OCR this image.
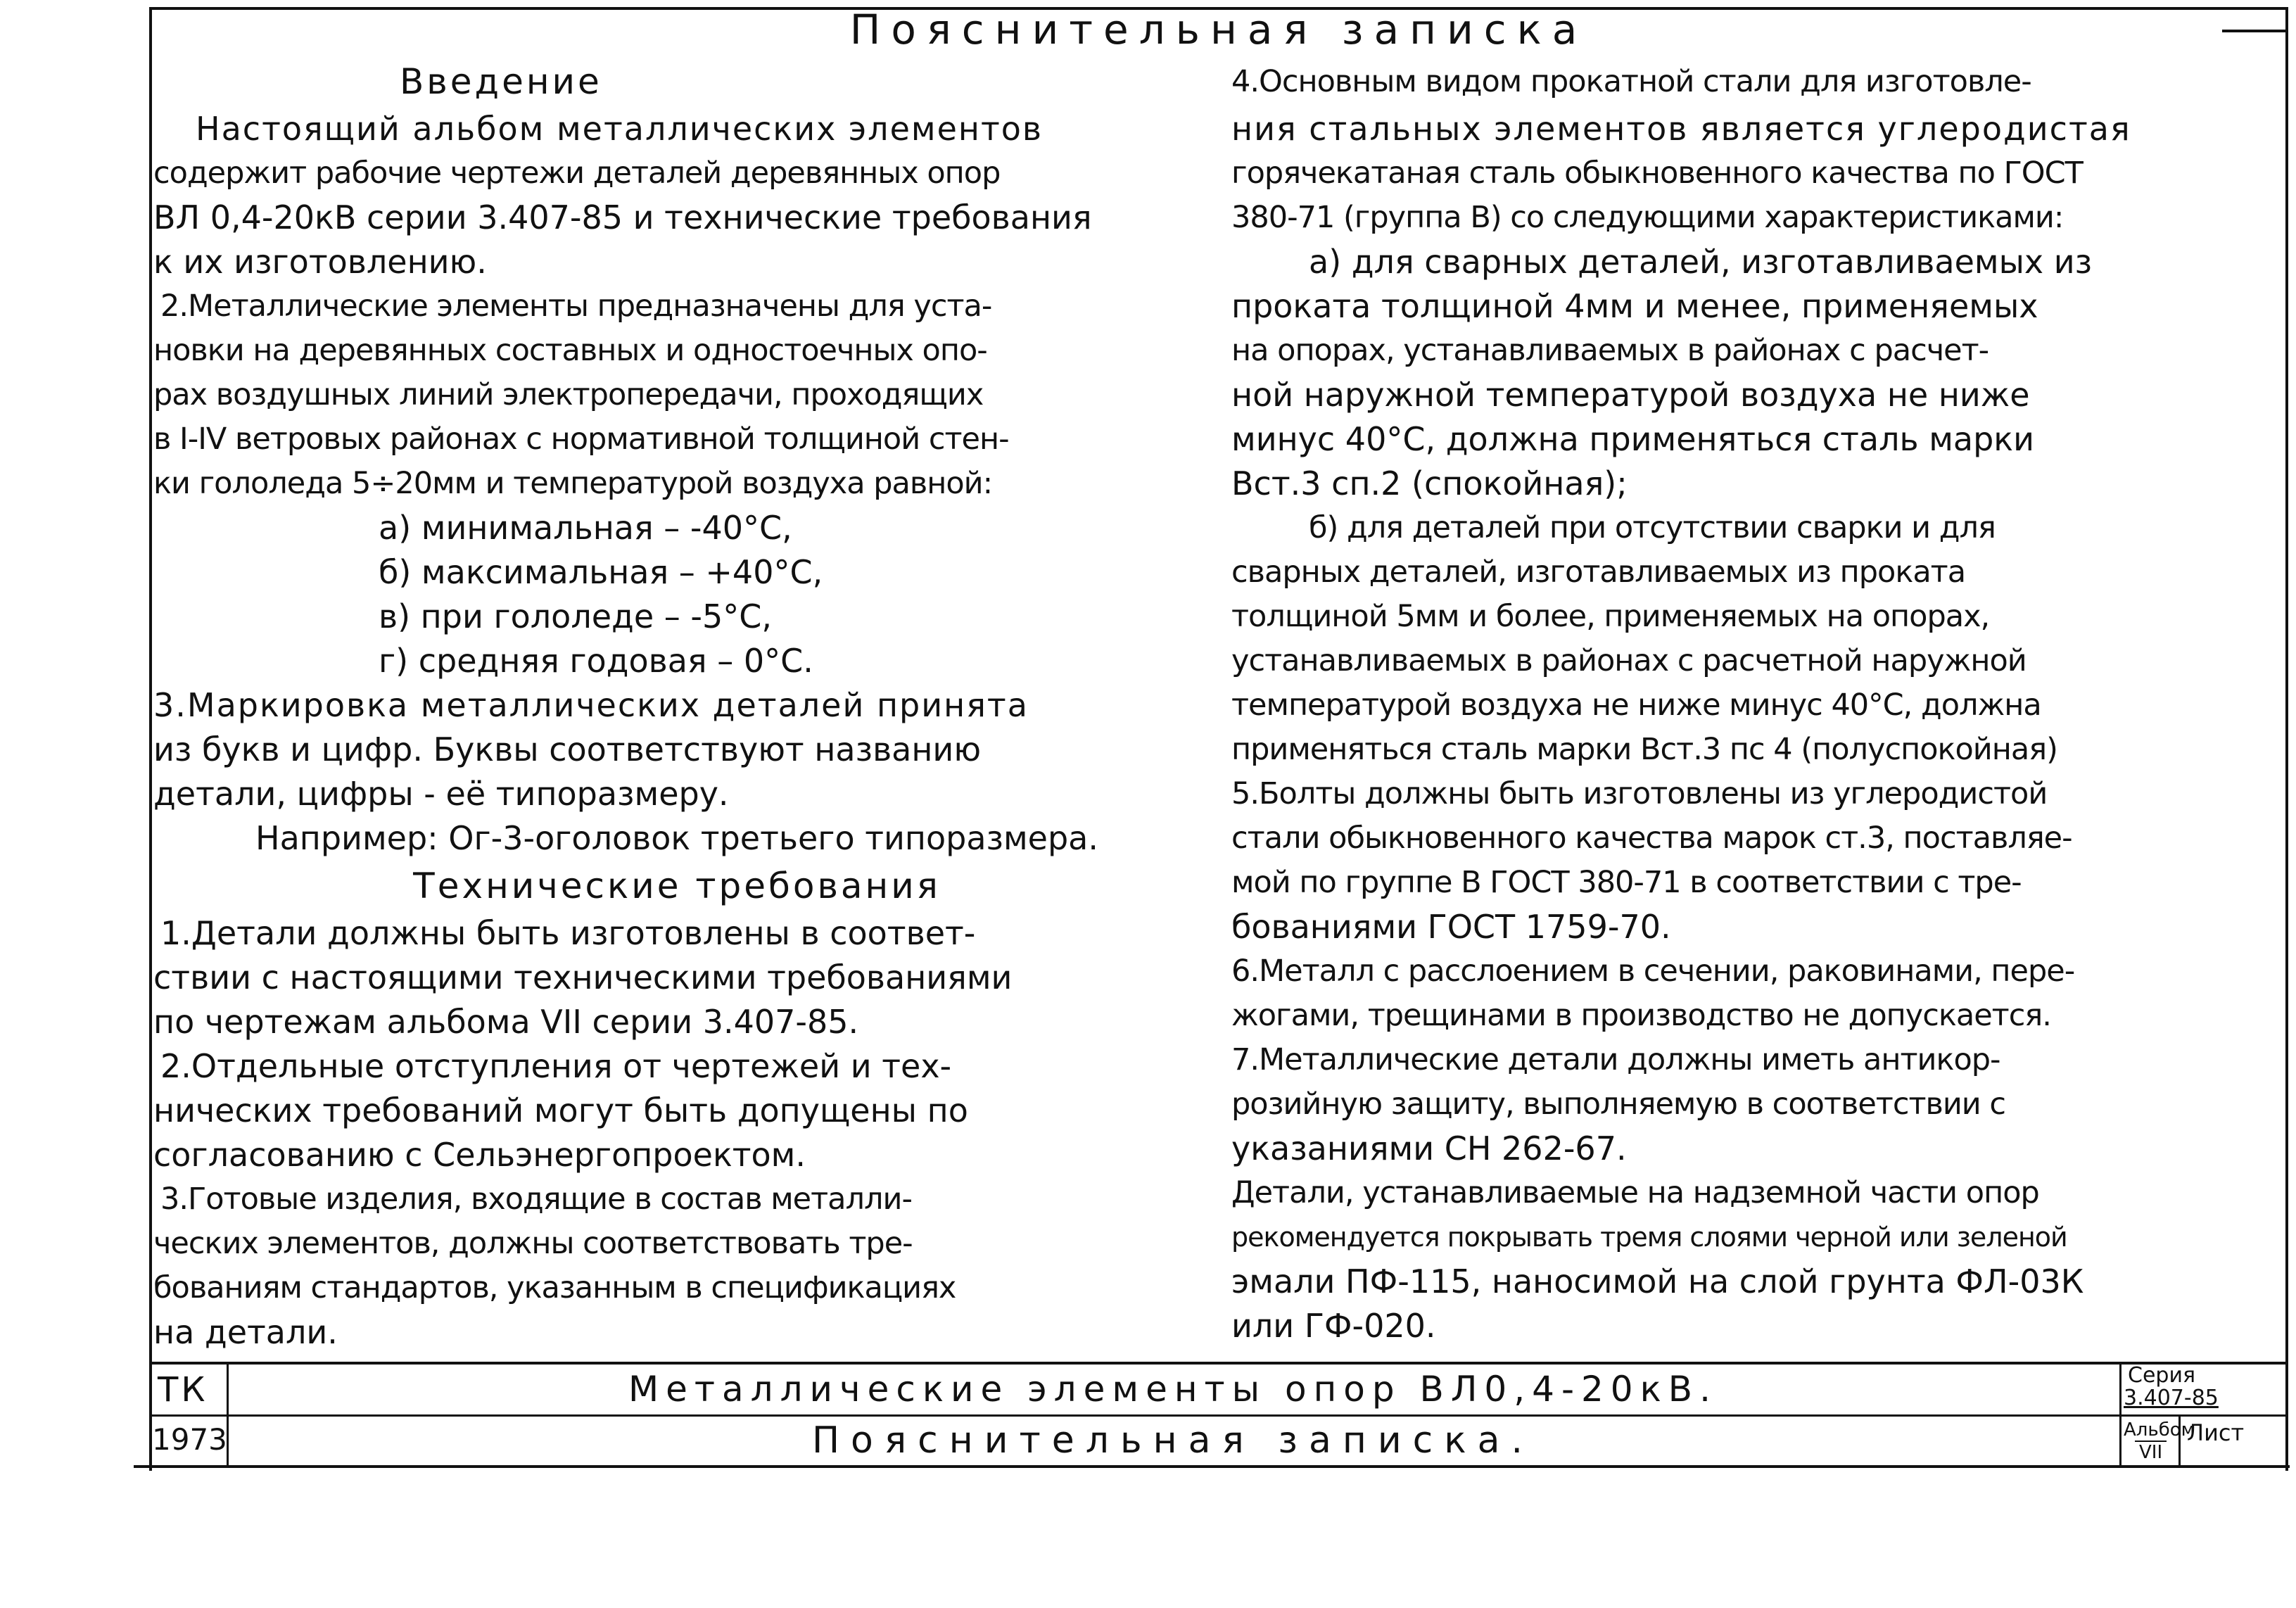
Пояснительная записка
Введение
Настоящий альбом металлических элементов
содержит рабочие чертежи деталей деревянных опор
ВЛ 0,4-20кВ серии 3.407-85 и технические требования
к их изготовлению.
2.Металлические элементы предназначены для уста-
новки на деревянных составных и одностоечных опо-
рах воздушных линий электропередачи, проходящих
в I-IV ветровых районах с нормативной толщиной стен-
ки гололеда 5÷20мм и температурой воздуха равной:
а) минимальная – -40°С,
б) максимальная – +40°С,
в) при гололеде – -5°С,
г) средняя годовая – 0°С.
3.Маркировка металлических деталей принята
из букв и цифр. Буквы соответствуют названию
детали, цифры - её типоразмеру.
Например: Ог-3-оголовок третьего типоразмера.
Технические требования
1.Детали должны быть изготовлены в соответ-
ствии с настоящими техническими требованиями
по чертежам альбома VII серии 3.407-85.
2.Отдельные отступления от чертежей и тех-
нических требований могут быть допущены по
согласованию с Сельэнергопроектом.
3.Готовые изделия, входящие в состав металли-
ческих элементов, должны соответствовать тре-
бованиям стандартов, указанным в спецификациях
на детали.
4.Основным видом прокатной стали для изготовле-
ния стальных элементов является углеродистая
горячекатаная сталь обыкновенного качества по ГОСТ
380-71 (группа В) со следующими характеристиками:
а) для сварных деталей, изготавливаемых из
проката толщиной 4мм и менее, применяемых
на опорах, устанавливаемых в районах с расчет-
ной наружной температурой воздуха не ниже
минус 40°С, должна применяться сталь марки
Вст.3 сп.2 (спокойная);
б) для деталей при отсутствии сварки и для
сварных деталей, изготавливаемых из проката
толщиной 5мм и более, применяемых на опорах,
устанавливаемых в районах с расчетной наружной
температурой воздуха не ниже минус 40°С, должна
применяться сталь марки Вст.3 пс 4 (полуспокойная)
5.Болты должны быть изготовлены из углеродистой
стали обыкновенного качества марок ст.3, поставляе-
мой по группе В ГОСТ 380-71 в соответствии с тре-
бованиями ГОСТ 1759-70.
6.Металл с расслоением в сечении, раковинами, пере-
жогами, трещинами в производство не допускается.
7.Металлические детали должны иметь антикор-
розийную защиту, выполняемую в соответствии с
указаниями СН 262-67.
Детали, устанавливаемые на надземной части опор
рекомендуется покрывать тремя слоями черной или зеленой
эмали ПФ-115, наносимой на слой грунта ФЛ-03К
или ГФ-020.
ТК
1973
Металлические элементы опор ВЛ0,4-20кВ.
Пояснительная записка.
Серия
3.407-85
Альбом
VII
Лист
